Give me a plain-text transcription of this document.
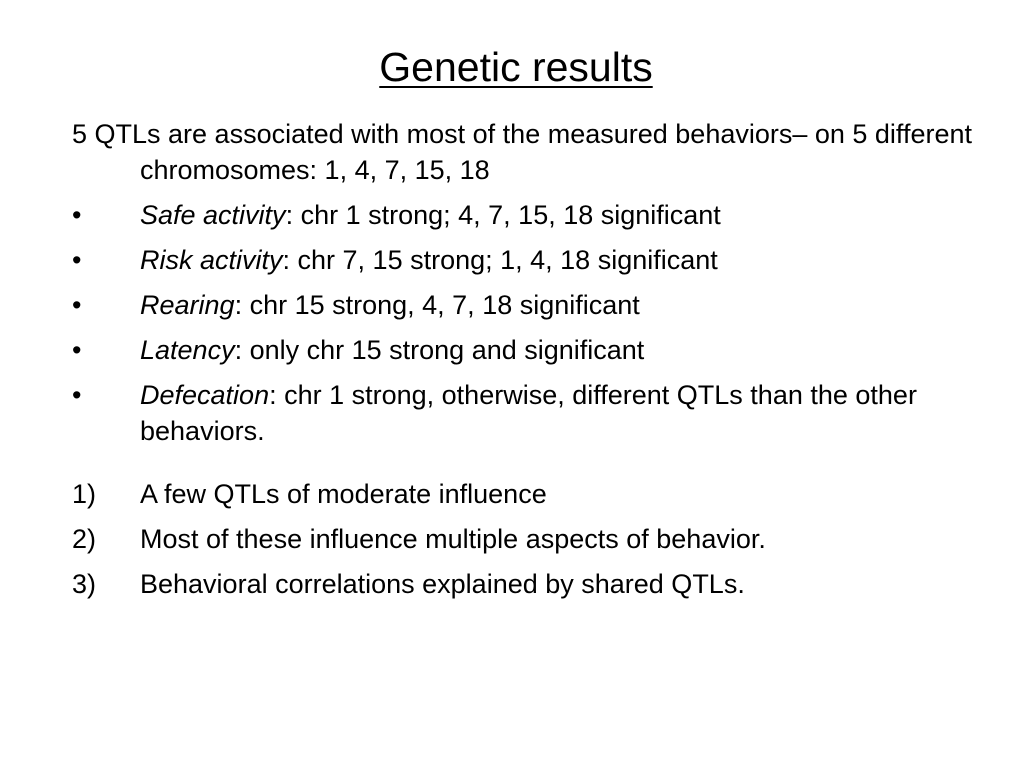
Genetic results
5 QTLs are associated with most of the measured behaviors– on 5 different chromosomes: 1, 4, 7, 15, 18
•	Safe activity: chr 1 strong; 4, 7, 15, 18 significant
•	Risk activity: chr 7, 15 strong; 1, 4, 18 significant
•	Rearing: chr 15 strong, 4, 7, 18 significant
•	Latency: only chr 15 strong and significant
•	Defecation: chr 1 strong, otherwise, different QTLs than the other behaviors.
1)	A few QTLs of moderate influence
2)	Most of these influence multiple aspects of behavior.
3)	Behavioral correlations explained by shared QTLs.
